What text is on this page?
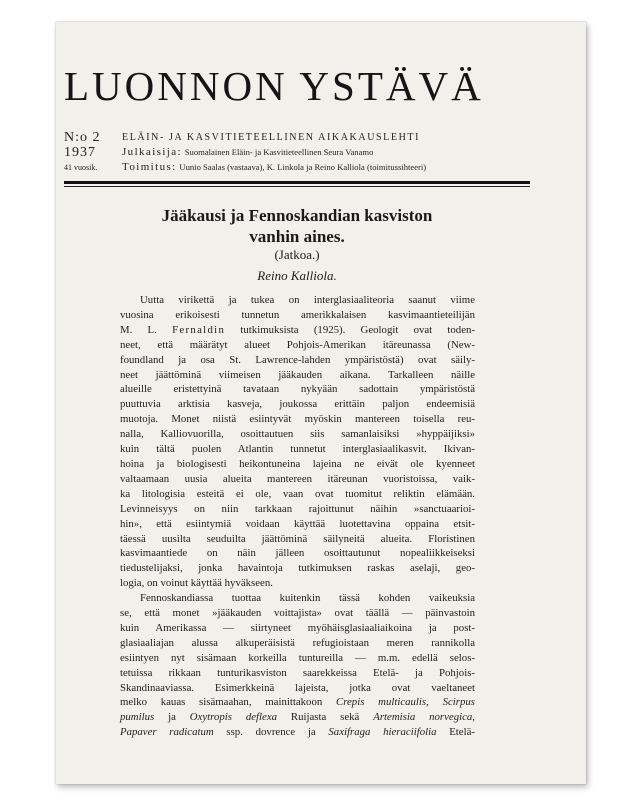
LUONNON YSTÄVÄ
N:o 2
1937
41 vuosik.
ELÄIN- JA KASVITIETEELLINEN AIKAKAUSLEHTI
Julkaisija: Suomalainen Eläin- ja Kasvitieteellinen Seura Vanamo
Toimitus: Uunio Saalas (vastaava), K. Linkola ja Reino Kalliola (toimitussihteeri)
Jääkausi ja Fennoskandian kasviston
vanhin aines.
(Jatkoa.)
Reino Kalliola.
Uutta virikettä ja tukea on interglasiaaliteoria saanut viime
vuosina erikoisesti tunnetun amerikkalaisen kasvimaantieteilijän
M. L. Fernaldin tutkimuksista (1925). Geologit ovat toden-
neet, että määrätyt alueet Pohjois-Amerikan itäreunassa (New-
foundland ja osa St. Lawrence-lahden ympäristöstä) ovat säily-
neet jäättöminä viimeisen jääkauden aikana. Tarkalleen näille
alueille eristettyinä tavataan nykyään sadottain ympäristöstä
puuttuvia arktisia kasveja, joukossa erittäin paljon endeemisiä
muotoja. Monet niistä esiintyvät myöskin mantereen toisella reu-
nalla, Kalliovuorilla, osoittautuen siis samanlaisiksi »hyppäijiksi»
kuin tältä puolen Atlantin tunnetut interglasiaalikasvit. Ikivan-
hoina ja biologisesti heikontuneina lajeina ne eivät ole kyenneet
valtaamaan uusia alueita mantereen itäreunan vuoristoissa, vaik-
ka litologisia esteitä ei ole, vaan ovat tuomitut reliktin elämään.
Levinneisyys on niin tarkkaan rajoittunut näihin »sanctuaarioi-
hin», että esiintymiä voidaan käyttää luotettavina oppaina etsit-
täessä uusilta seuduilta jäättöminä säilyneitä alueita. Floristinen
kasvimaantiede on näin jälleen osoittautunut nopealiikkeiseksi
tiedustelijaksi, jonka havaintoja tutkimuksen raskas aselaji, geo-
logia, on voinut käyttää hyväkseen.
Fennoskandiassa tuottaa kuitenkin tässä kohden vaikeuksia
se, että monet »jääkauden voittajista» ovat täällä — päinvastoin
kuin Amerikassa — siirtyneet myöhäisglasiaaliaikoina ja post-
glasiaaliajan alussa alkuperäisistä refugioistaan meren rannikolla
esiintyen nyt sisämaan korkeilla tuntureilla — m.m. edellä selos-
tetuissa rikkaan tunturikasviston saarekkeissa Etelä- ja Pohjois-
Skandinaaviassa. Esimerkkeinä lajeista, jotka ovat vaeltaneet
melko kauas sisämaahan, mainittakoon Crepis multicaulis, Scirpus
pumilus ja Oxytropis deflexa Ruijasta sekä Artemisia norvegica,
Papaver radicatum ssp. dovrence ja Saxifraga hieraciifolia Etelä-
